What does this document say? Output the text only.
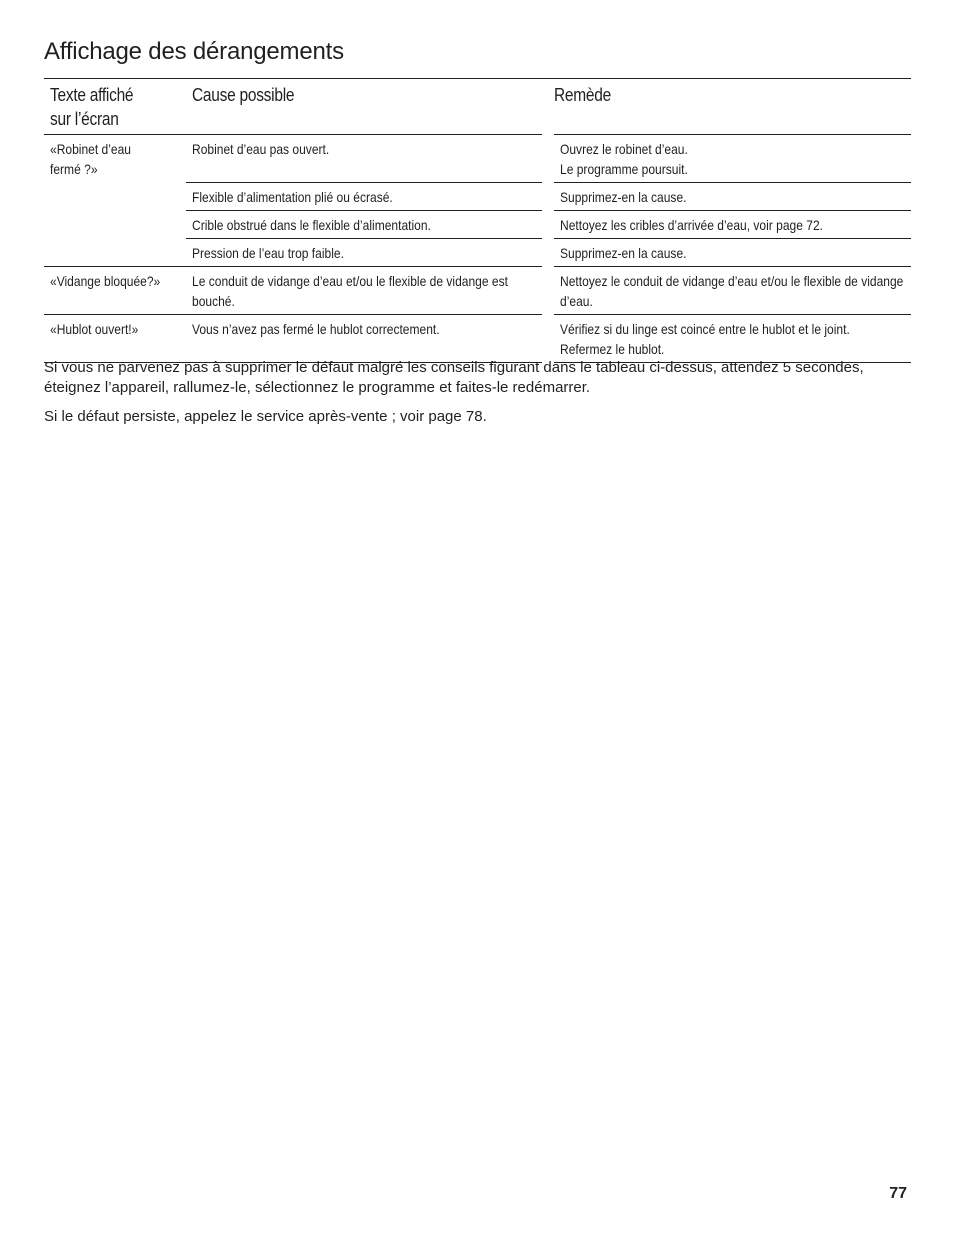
Affichage des dérangements
Texte affiché
sur l’écran	Cause possible	Remède
«Robinet d’eau
fermé ?»	Robinet d’eau pas ouvert.	Ouvrez le robinet d’eau.
Le programme poursuit.
	Flexible d’alimentation plié ou écrasé.	Supprimez-en la cause.
	Crible obstrué dans le flexible d’alimentation.	Nettoyez les cribles d’arrivée d’eau, voir page 72.
	Pression de l’eau trop faible.	Supprimez-en la cause.
«Vidange bloquée?»	Le conduit de vidange d’eau et/ou le flexible de vidange est bouché.	Nettoyez le conduit de vidange d’eau et/ou le flexible de vidange d’eau.
«Hublot ouvert!»	Vous n’avez pas fermé le hublot correctement.	Vérifiez si du linge est coincé entre le hublot et le joint. Refermez le hublot.

Si vous ne parvenez pas à supprimer le défaut malgré les conseils figurant dans le tableau ci-dessus, attendez 5 secondes, éteignez l’appareil, rallumez-le, sélectionnez le programme et faites-le redémarrer.

Si le défaut persiste, appelez le service après-vente ; voir page 78.

77
